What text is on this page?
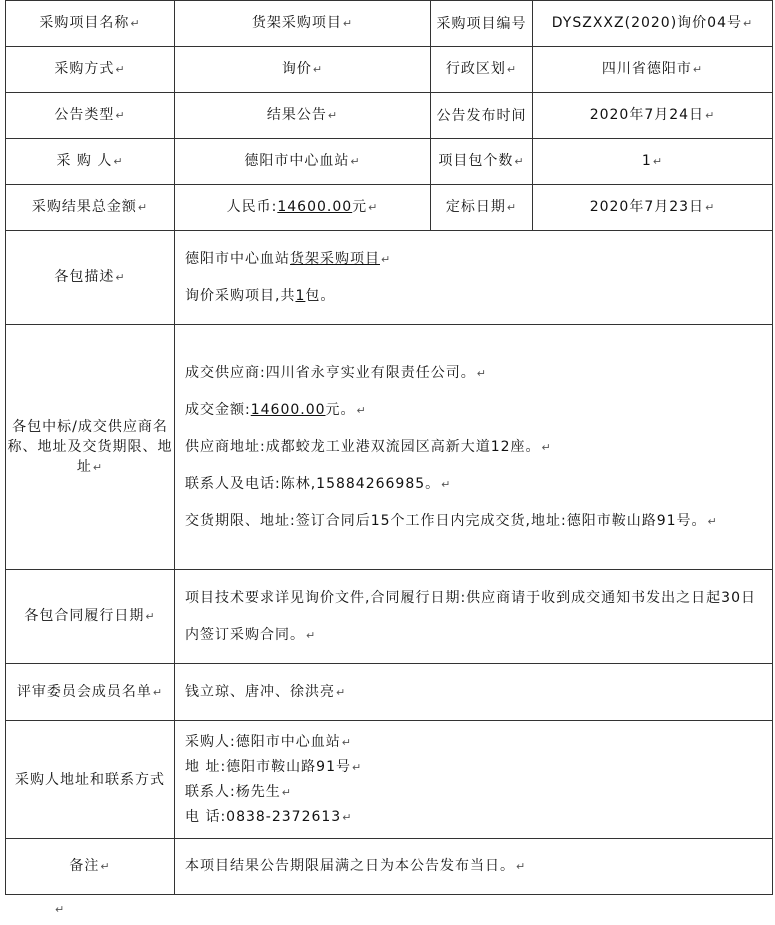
采购项目名称↵	货架采购项目↵	采购项目编号	DYSZXXZ(2020)询价04号↵
采购方式↵	询价↵	行政区划↵	四川省德阳市↵
公告类型↵	结果公告↵	公告发布时间	2020年7月24日↵
采 购 人↵	德阳市中心血站↵	项目包个数↵	1↵
采购结果总金额↵	人民币:14600.00元↵	定标日期↵	2020年7月23日↵
各包描述↵	德阳市中心血站货架采购项目↵
询价采购项目,共1包。		

各包中标/成交供应商名称、地址及交货期限、地址↵	成交供应商:四川省永亨实业有限责任公司。↵
成交金额:14600.00元。↵
供应商地址:成都蛟龙工业港双流园区高新大道12座。↵
联系人及电话:陈林,15884266985。↵
交货期限、地址:签订合同后15个工作日内完成交货,地址:德阳市鞍山路91号。↵		

各包合同履行日期↵	项目技术要求详见询价文件,合同履行日期:供应商请于收到成交通知书发出之日起30日内签订采购合同。↵		

评审委员会成员名单↵	钱立琼、唐冲、徐洪亮↵		
采购人地址和联系方式	采购人:德阳市中心血站↵
地 址:德阳市鞍山路91号↵
联系人:杨先生↵
电 话:0838-2372613↵		

备注↵	本项目结果公告期限届满之日为本公告发布当日。↵		
↵
